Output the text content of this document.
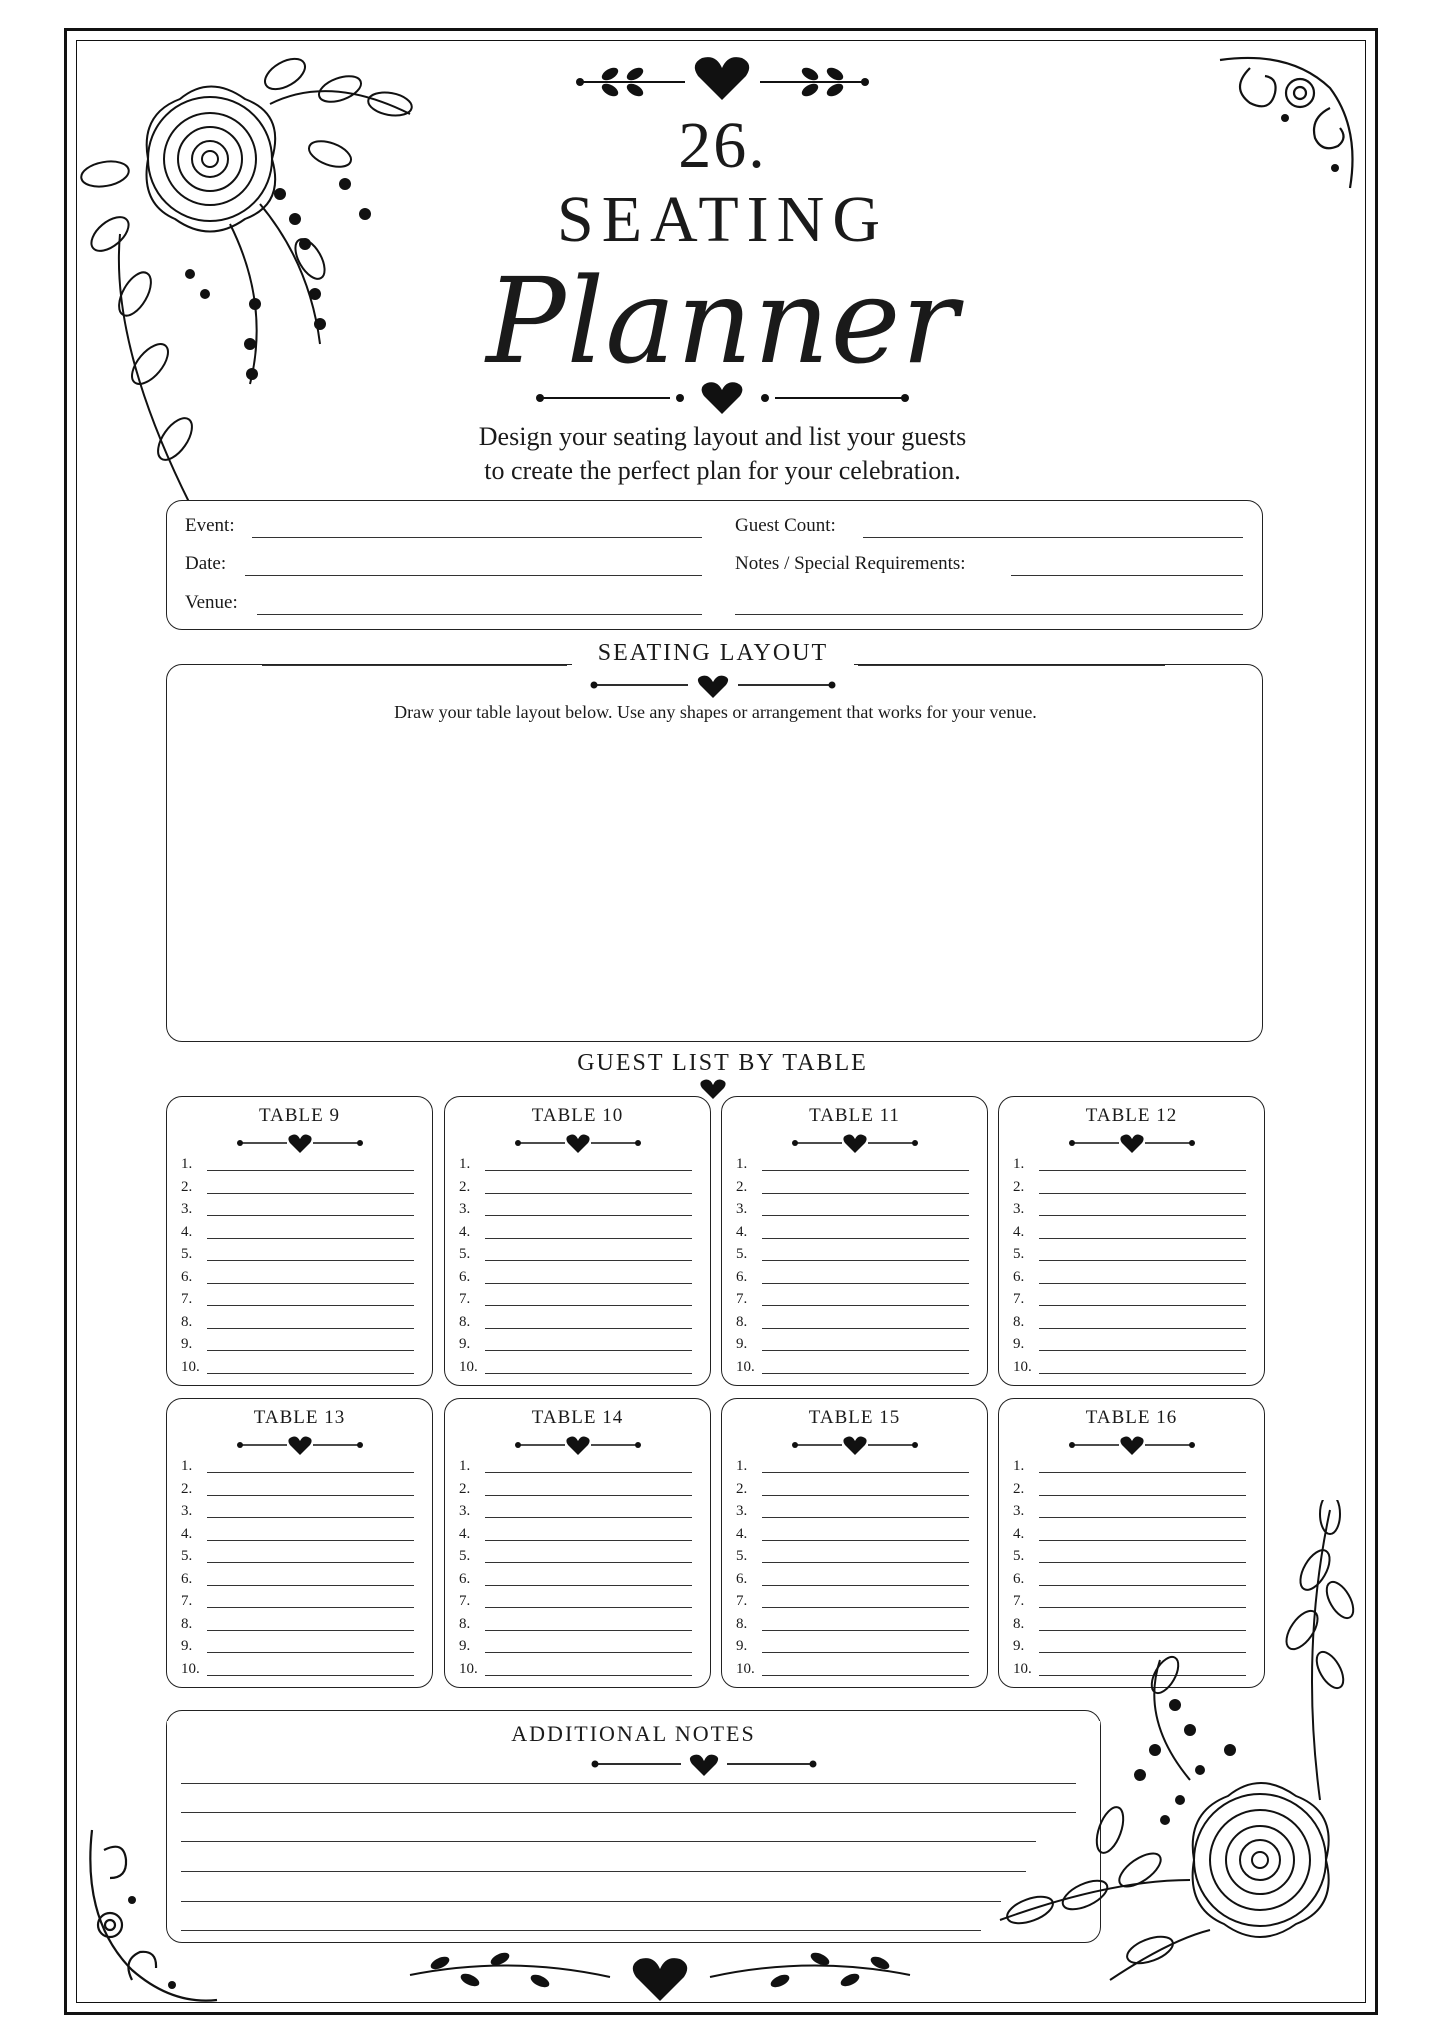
26.
SEATING
Planner
Design your seating layout and list your guests
to create the perfect plan for your celebration.
Event:
Date:
Venue:
Guest Count:
Notes / Special Requirements:
SEATING LAYOUT
Draw your table layout below. Use any shapes or arrangement that works for your venue.
GUEST LIST BY TABLE
TABLE 9
1.
2.
3.
4.
5.
6.
7.
8.
9.
10.
TABLE 10
1.
2.
3.
4.
5.
6.
7.
8.
9.
10.
TABLE 11
1.
2.
3.
4.
5.
6.
7.
8.
9.
10.
TABLE 12
1.
2.
3.
4.
5.
6.
7.
8.
9.
10.
TABLE 13
1.
2.
3.
4.
5.
6.
7.
8.
9.
10.
TABLE 14
1.
2.
3.
4.
5.
6.
7.
8.
9.
10.
TABLE 15
1.
2.
3.
4.
5.
6.
7.
8.
9.
10.
TABLE 16
1.
2.
3.
4.
5.
6.
7.
8.
9.
10.
ADDITIONAL NOTES
